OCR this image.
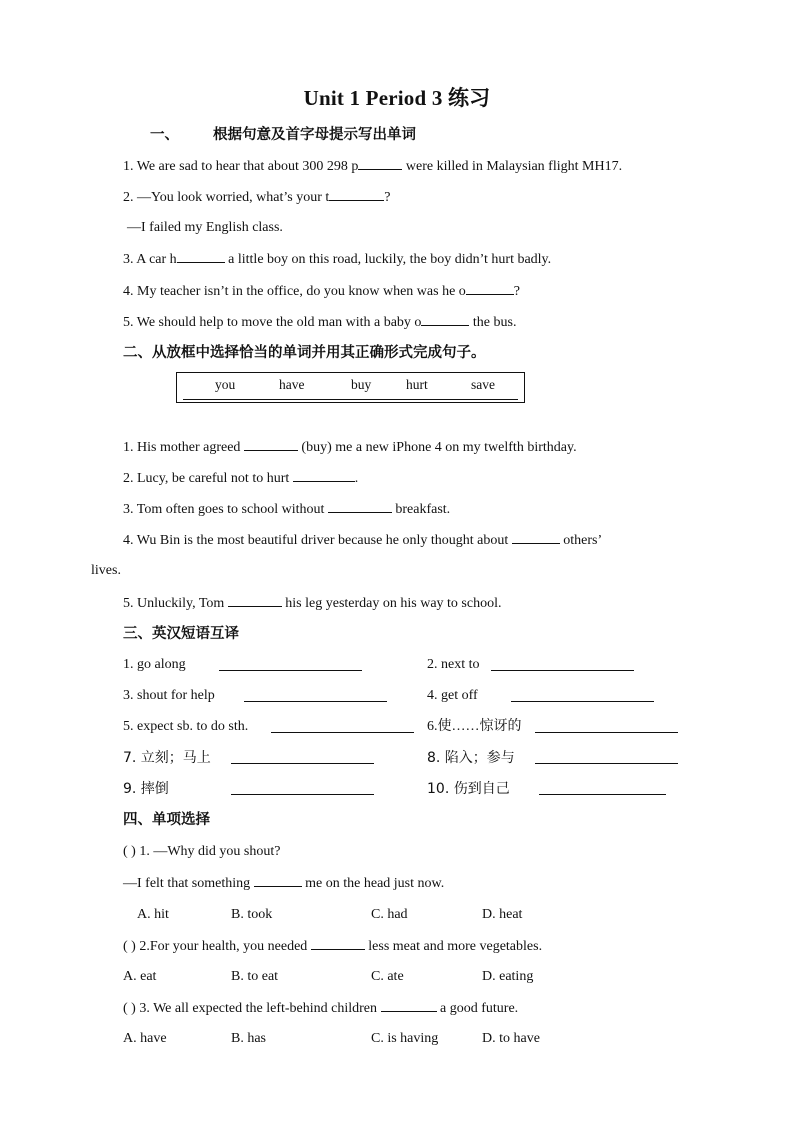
Unit 1 Period 3 练习
一、 根据句意及首字母提示写出单词
1. We are sad to hear that about 300 298 p	were killed in Malaysian flight MH17.
2. —You look worried, what’s your t	?
—I failed my English class.
3. A car h	a little boy on this road, luckily, the boy didn’t hurt badly.
4. My teacher isn’t in the office, do you know when was he o	?
5. We should help to move the old man with a baby o	the bus.
二、从放框中选择恰当的单词并用其正确形式完成句子。
you	have	buy	hurt	save
1. His mother agreed	(buy) me a new iPhone 4 on my twelfth birthday.
2. Lucy, be careful not to hurt	.
3. Tom often goes to school without	breakfast.
4. Wu Bin is the most beautiful driver because he only thought about	others’
lives.
5. Unluckily, Tom	his leg yesterday on his way to school.
三、英汉短语互译
1. go along	2. next to
3. shout for help	4. get off
5. expect sb. to do sth.	6.使……惊讶的
7. 立刻；马上	8. 陷入；参与
9. 摔倒	10. 伤到自己
四、单项选择
( ) 1. —Why did you shout?
—I felt that something	me on the head just now.
A. hit	B. took	C. had	D. heat
( ) 2.For your health, you needed	less meat and more vegetables.
A. eat	B. to eat	C. ate	D. eating
( ) 3. We all expected the left-behind children	a good future.
A. have	B. has	C. is having	D. to have
